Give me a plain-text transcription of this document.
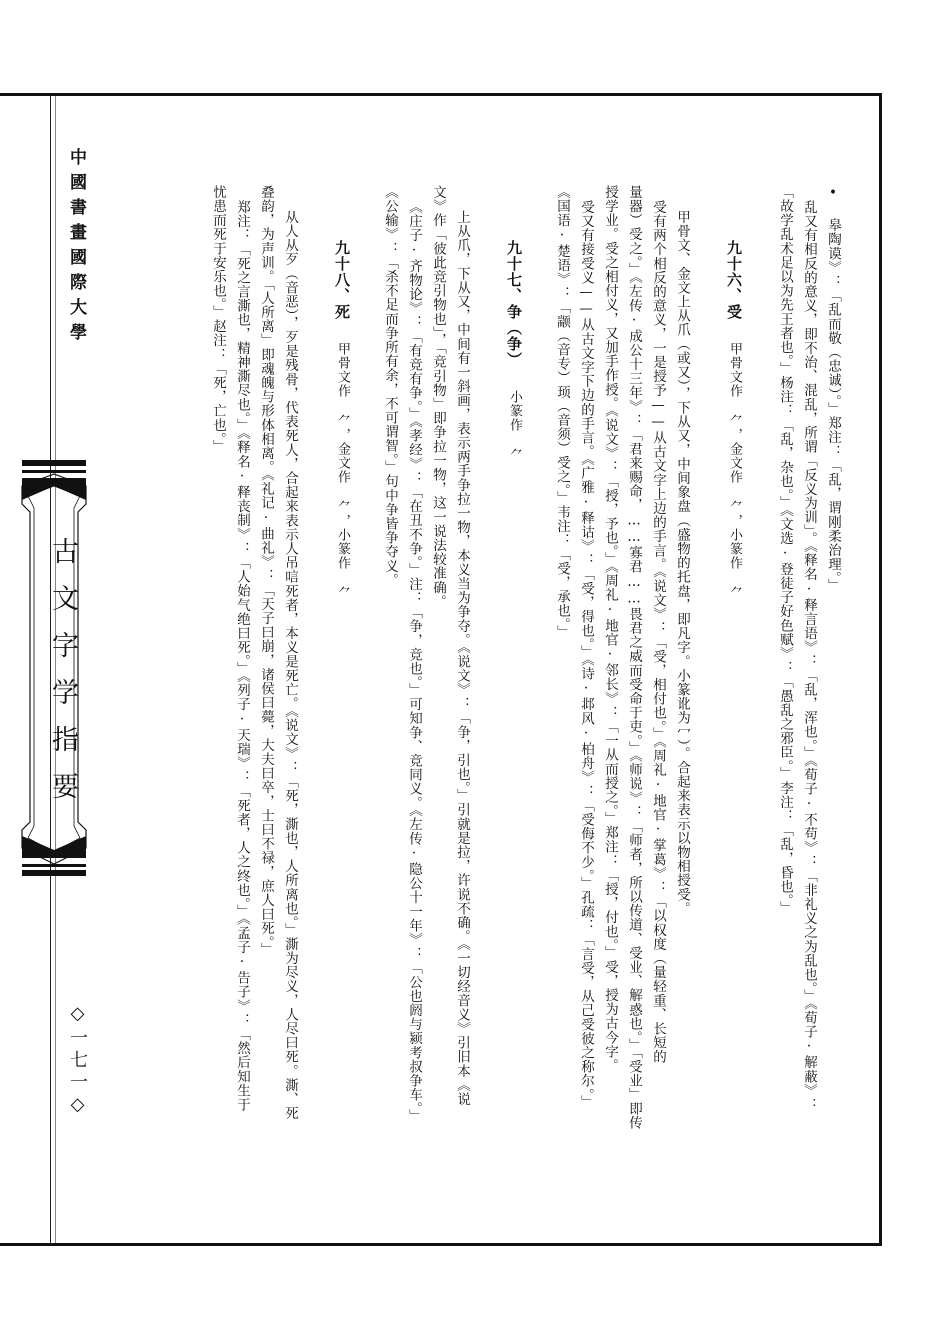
中國書畫國際大學
古文字学指要
◇一七一◇
• 皋陶谟》：「乱而敬（忠诚）。」郑注：「乱，谓刚柔治理。」
乱又有相反的意义，即不治、混乱，所谓「反义为训」。《释名·释言语》：「乱，浑也。」《荀子·不苟》：「非礼义之为乱也。」《荀子·解蔽》：
「故学乱术足以为先王者也。」杨注：「乱，杂也。」《文选·登徒子好色赋》：「愚乱之邪臣。」李注：「乱，昏也。」
九十六、受甲骨文作 ⺈，金文作 ⺈，小篆作 ⺈
甲骨文、金文上从爪（或又），下从又，中间象盘（盛物的托盘，即凡字。小篆讹为冖）。合起来表示以物相授受。
受有两个相反的意义，一是授予——从古文字上边的手言。《说文》：「受，相付也。」《周礼·地官·掌葛》：「以权度（量轻重、长短的
量器）受之。」《左传·成公十三年》：「君来赐命，……寡君……畏君之威而受命于吏。」《师说》：「师者，所以传道、受业、解惑也。」「受业」即传
授学业。受之相付义，又加手作授。《说文》：「授，予也。」《周礼·地官·邻长》：「一从而授之。」郑注：「授，付也。」受，授为古今字。
受又有接受义——从古文字下边的手言。《广雅·释诂》：「受，得也。」《诗·邶风·柏舟》：「受侮不少。」孔疏：「言受，从己受彼之称尔。」
《国语·楚语》：「颛（音专）顼（音须）受之。」韦注：「受，承也。」
九十七、争（争）小篆作 ⺈
上从爪，下从又，中间有一斜画，表示两手争拉一物，本义当为争夺。《说文》：「争，引也。」引就是拉，许说不确。《一切经音义》引旧本《说
文》作「彼此竞引物也」，「竞引物」即争拉一物，这一说法较准确。
《庄子·齐物论》：「有竞有争。」《孝经》：「在丑不争。」注：「争，竞也。」可知争、竞同义。《左传·隐公十一年》：「公也阏与颍考叔争车。」
《公输》：「杀不足而争所有余，不可谓智。」句中争皆争夺义。
九十八、死甲骨文作 ⺈，金文作 ⺈，小篆作 ⺈
从人从歹（音恶），歹是残骨，代表死人，合起来表示人吊唁死者，本义是死亡。《说文》：「死，澌也，人所离也。」澌为尽义，人尽曰死。澌、死
叠韵，为声训。「人所离」即魂魄与形体相离。《礼记·曲礼》：「天子曰崩，诸侯曰薨，大夫曰卒，士曰不禄，庶人曰死。」
郑注：「死之言澌也，精神澌尽也。」《释名·释丧制》：「人始气绝曰死。」《列子·天瑞》：「死者，人之终也。」《孟子·告子》：「然后知生于
忧患而死于安乐也。」赵注：「死，亡也。」
